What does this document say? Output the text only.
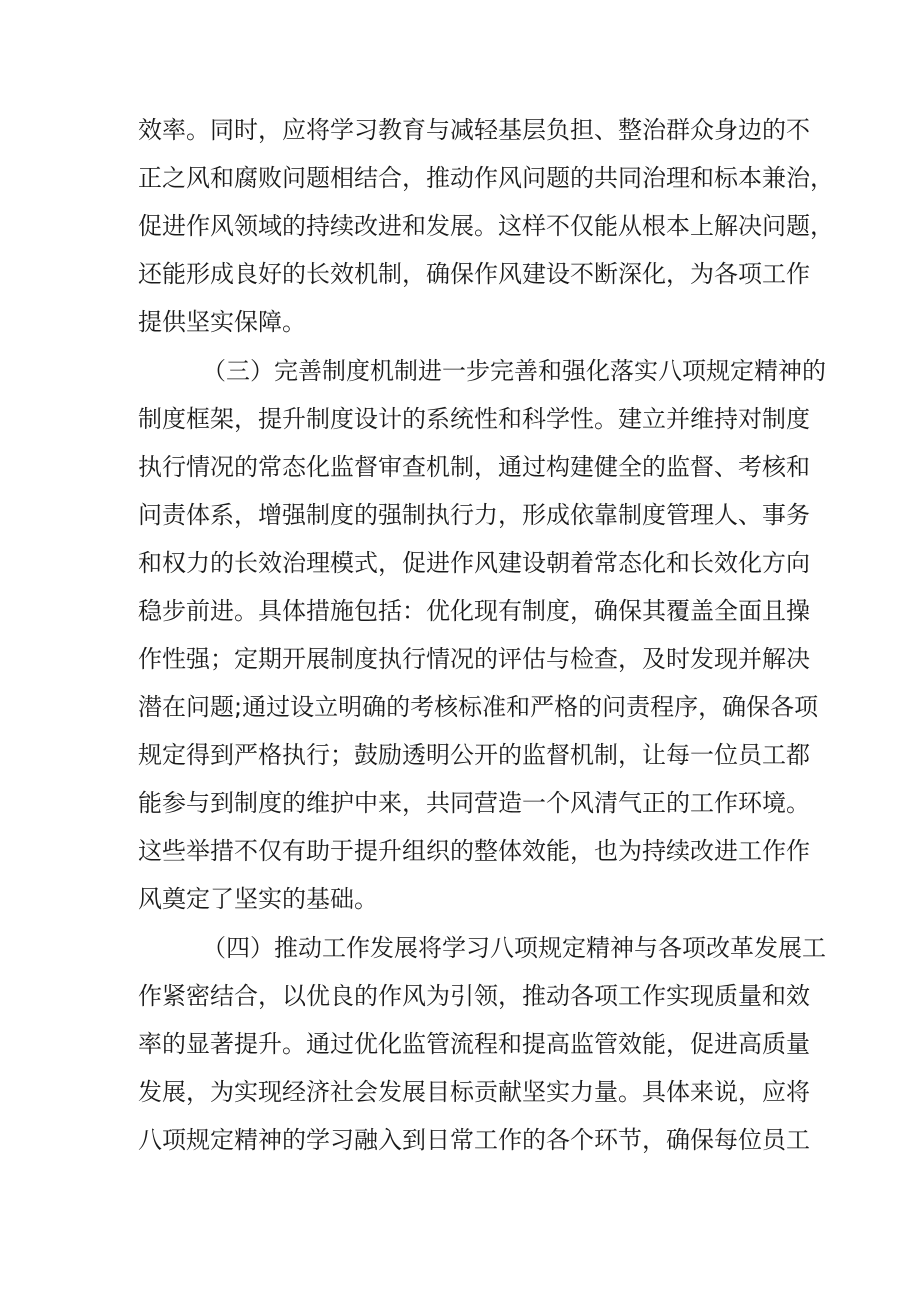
效率。同时，应将学习教育与减轻基层负担、整治群众身边的不
正之风和腐败问题相结合，推动作风问题的共同治理和标本兼治，
促进作风领域的持续改进和发展。这样不仅能从根本上解决问题，
还能形成良好的长效机制，确保作风建设不断深化，为各项工作
提供坚实保障。
（三）完善制度机制进一步完善和强化落实八项规定精神的
制度框架，提升制度设计的系统性和科学性。建立并维持对制度
执行情况的常态化监督审查机制，通过构建健全的监督、考核和
问责体系，增强制度的强制执行力，形成依靠制度管理人、事务
和权力的长效治理模式，促进作风建设朝着常态化和长效化方向
稳步前进。具体措施包括：优化现有制度，确保其覆盖全面且操
作性强；定期开展制度执行情况的评估与检查，及时发现并解决
潜在问题;通过设立明确的考核标准和严格的问责程序，确保各项
规定得到严格执行；鼓励透明公开的监督机制，让每一位员工都
能参与到制度的维护中来，共同营造一个风清气正的工作环境。
这些举措不仅有助于提升组织的整体效能，也为持续改进工作作
风奠定了坚实的基础。
（四）推动工作发展将学习八项规定精神与各项改革发展工
作紧密结合，以优良的作风为引领，推动各项工作实现质量和效
率的显著提升。通过优化监管流程和提高监管效能，促进高质量
发展，为实现经济社会发展目标贡献坚实力量。具体来说，应将
八项规定精神的学习融入到日常工作的各个环节，确保每位员工
